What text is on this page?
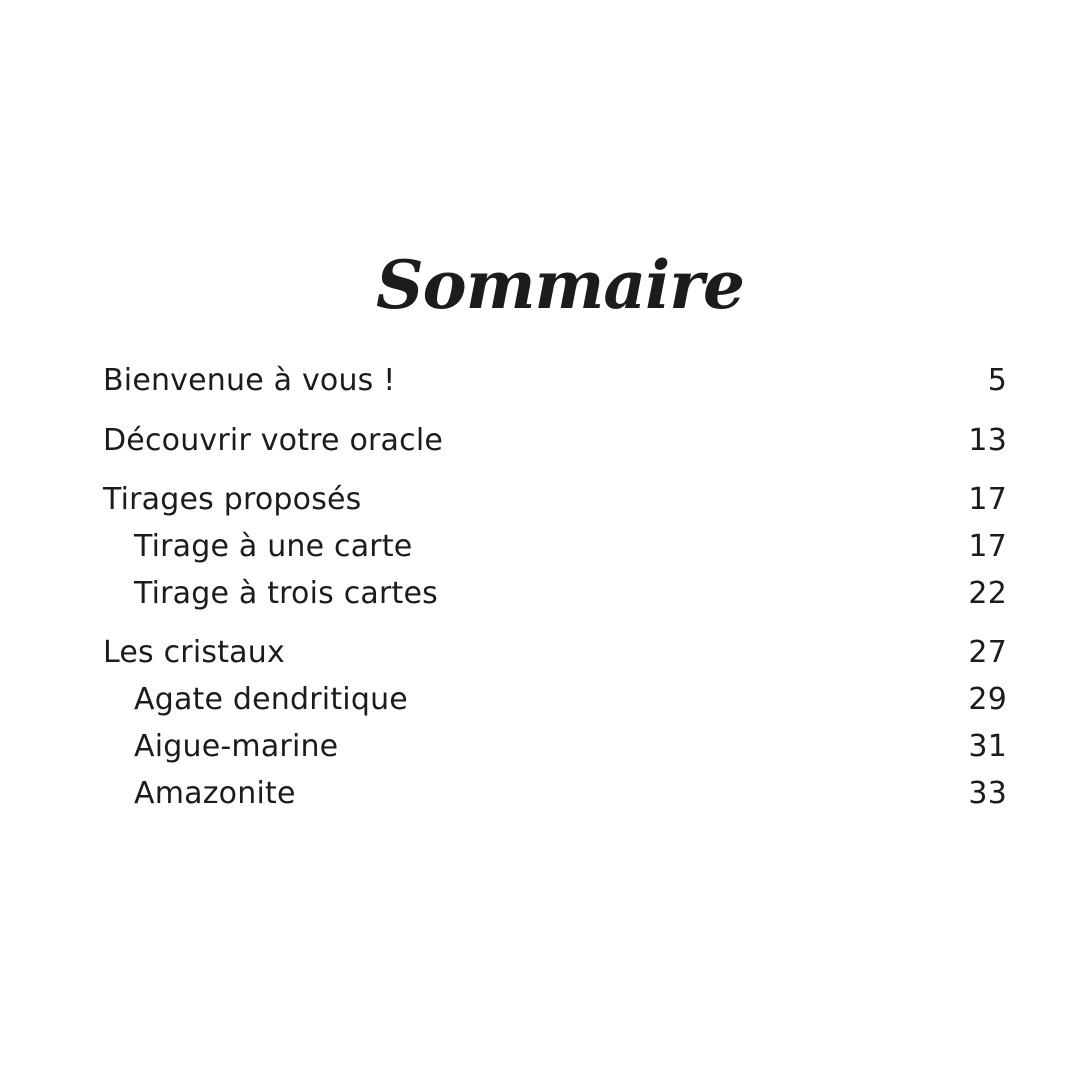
Sommaire
Bienvenue à vous !	5
Découvrir votre oracle	13
Tirages proposés	17
Tirage à une carte	17
Tirage à trois cartes	22
Les cristaux	27
Agate dendritique	29
Aigue-marine	31
Amazonite	33
